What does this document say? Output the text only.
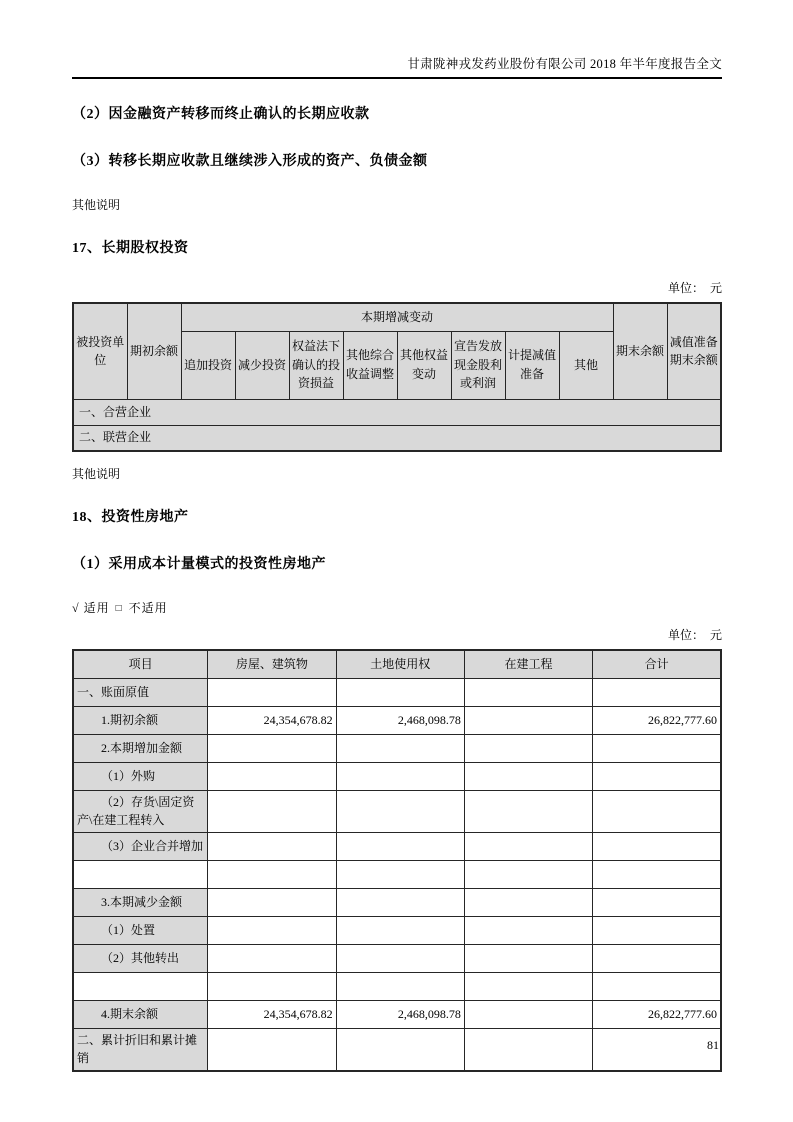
甘肃陇神戎发药业股份有限公司 2018 年半年度报告全文
（2）因金融资产转移而终止确认的长期应收款
（3）转移长期应收款且继续涉入形成的资产、负债金额
其他说明
17、长期股权投资
单位：　元
被投资单位	期初余额	本期增减变动								期末余额	减值准备期末余额
		追加投资	减少投资	权益法下确认的投资损益	其他综合收益调整	其他权益变动	宣告发放现金股利或利润	计提减值准备	其他		
一、合营企业											
二、联营企业											
其他说明
18、投资性房地产
（1）采用成本计量模式的投资性房地产
√ 适用 □ 不适用
单位：　元
项目	房屋、建筑物	土地使用权	在建工程	合计
一、账面原值				
1.期初余额	24,354,678.82	2,468,098.78		26,822,777.60
2.本期增加金额				
（1）外购				
（2）存货\固定资产\在建工程转入				
（3）企业合并增加				

3.本期减少金额				
（1）处置				
（2）其他转出				

4.期末余额	24,354,678.82	2,468,098.78		26,822,777.60
二、累计折旧和累计摊销				
81
